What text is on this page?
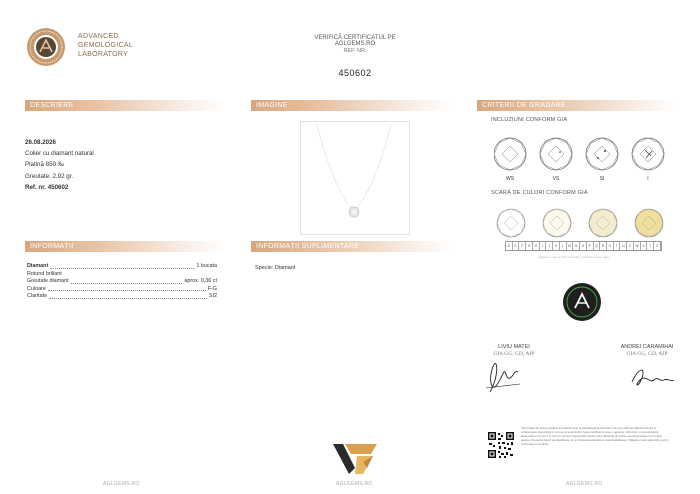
ADVANCED
GEMOLOGICAL
LABORATORY
VERIFICĂ CERTIFICATUL PE AGLGEMS.RO
REF. NR.
450602
DESCRIERE	IMAGINE	CRITERII DE GRADARE
INFORMAȚII	INFORMAȚII SUPLIMENTARE
26.08.2026
Colier cu diamant natural
Platină 850 ‰
Greutate: 2.92 gr.
Ref. nr. 450602
INCLUZIUNI CONFORM GIA
WS	VS	SI	I
SCARĂ DE CULORI CONFORM GIA
D	E	F	G	H	I	J	K	L	M	N	O	P	Q	R	S	T	U	V	W	X	Y	Z
Imaginea este cu titlu informativ, culoarea poate varia
Diamant	1 bucata
Rotund briliant
Greutate diamant	aprox. 0,36 ct
Culoare	F-G
Claritate	SI2
Specie: Diamant
LIVIU MATEI
GIA GG, GD, AJP
ANDREI CARAMIHAI
GIA GG, GD, AJP
Informatiile din acest certificat au reflecta doar la piatra/bijuteria descrisa si au fost obtinute utilizand tehnici si echipamente disponibile in momentul expertizarii. Acest certificat nu este o garantie. S&G AGL si reprezentantii desemnati nu isi vor fi in nici un moment raspunzatori pentru orice diferenta de opinie sau discrepanta ce ar putea aparea. Prezentul raport de identificare nu se limiteaza la declarare responsabilitatea. Obligatia nostra doar AGL pentru verificarea si conduita.
AGLGEMS.RO	AGLGEMS.RO	AGLGEMS.RO
